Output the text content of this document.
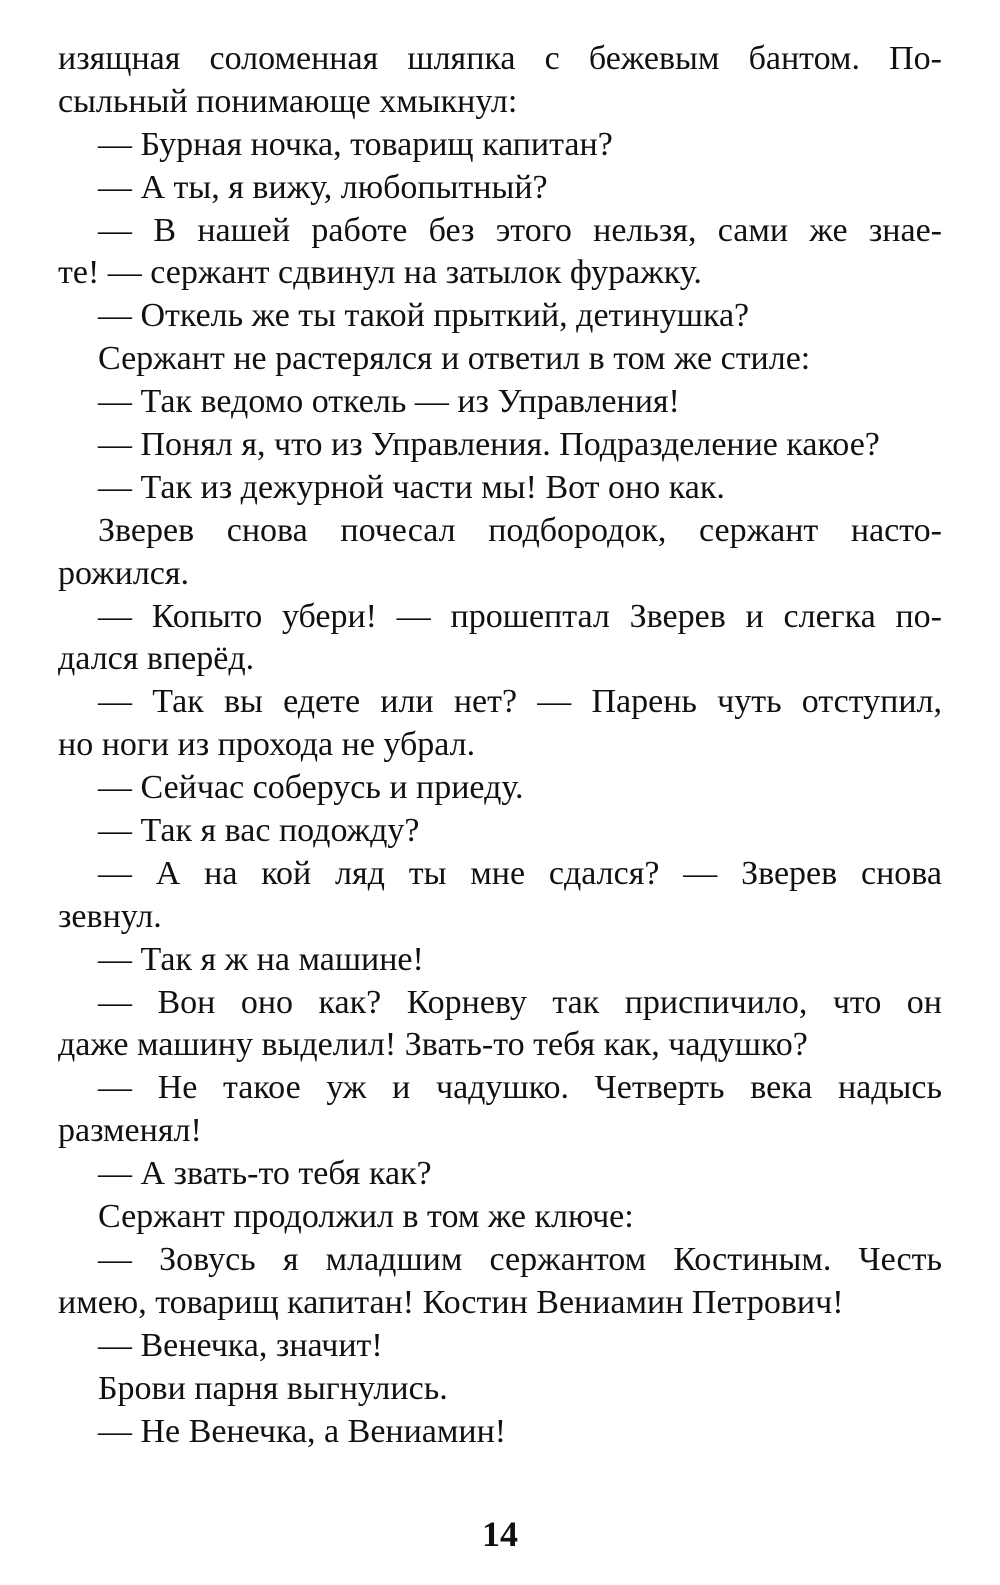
изящная соломенная шляпка с бежевым бантом. По-
сыльный понимающе хмыкнул:
— Бурная ночка, товарищ капитан?
— А ты, я вижу, любопытный?
— В нашей работе без этого нельзя, сами же знае-
те! — сержант сдвинул на затылок фуражку.
— Откель же ты такой прыткий, детинушка?
Сержант не растерялся и ответил в том же стиле:
— Так ведомо откель — из Управления!
— Понял я, что из Управления. Подразделение какое?
— Так из дежурной части мы! Вот оно как.
Зверев снова почесал подбородок, сержант насто-
рожился.
— Копыто убери! — прошептал Зверев и слегка по-
дался вперёд.
— Так вы едете или нет? — Парень чуть отступил,
но ноги из прохода не убрал.
— Сейчас соберусь и приеду.
— Так я вас подожду?
— А на кой ляд ты мне сдался? — Зверев снова
зевнул.
— Так я ж на машине!
— Вон оно как? Корневу так приспичило, что он
даже машину выделил! Звать-то тебя как, чадушко?
— Не такое уж и чадушко. Четверть века надысь
разменял!
— А звать-то тебя как?
Сержант продолжил в том же ключе:
— Зовусь я младшим сержантом Костиным. Честь
имею, товарищ капитан! Костин Вениамин Петрович!
— Венечка, значит!
Брови парня выгнулись.
— Не Венечка, а Вениамин!
14
